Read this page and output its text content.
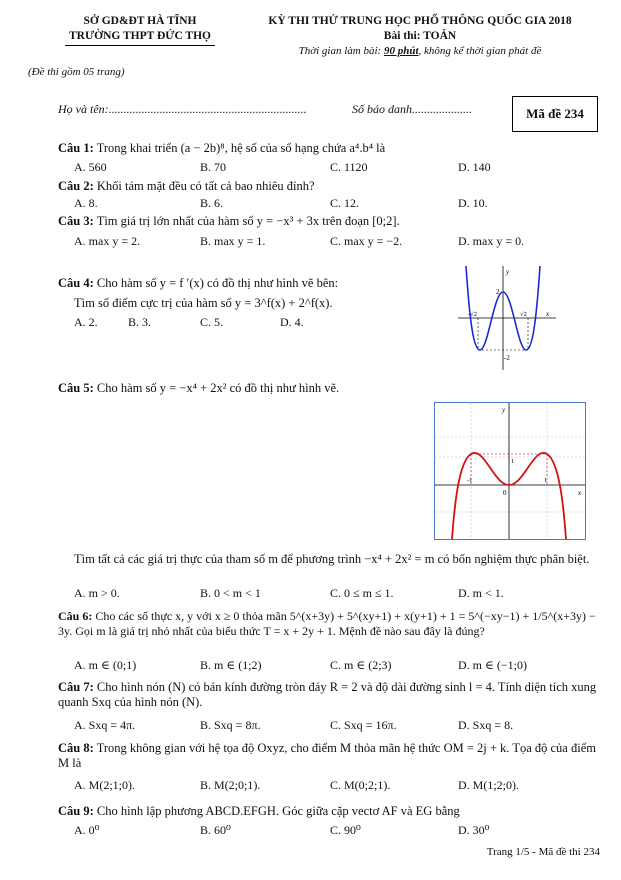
SỞ GD&ĐT HÀ TĨNH
TRƯỜNG THPT ĐỨC THỌ
KỲ THI THỬ TRUNG HỌC PHỔ THÔNG QUỐC GIA 2018
Bài thi: TOÁN
Thời gian làm bài: 90 phút, không kể thời gian phát đề
(Đề thi gồm 05 trang)
Họ và tên:..................................................................	Số báo danh....................	Mã đề 234
Câu 1: Trong khai triển (a − 2b)⁸, hệ số của số hạng chứa a⁴.b⁴ là
A. 560	B. 70	C. 1120	D. 140
Câu 2: Khối tám mặt đều có tất cả bao nhiêu đỉnh?
A. 8.	B. 6.	C. 12.	D. 10.
Câu 3: Tìm giá trị lớn nhất của hàm số y = −x³ + 3x trên đoạn [0;2].
A. max y = 2.	B. max y = 1.	C. max y = −2.	D. max y = 0.
Câu 4: Cho hàm số y = f ′(x) có đồ thị như hình vẽ bên:
Tìm số điểm cực trị của hàm số y = 3^f(x) + 2^f(x).
A. 2.	B. 3.	C. 5.	D. 4.
y
x
2
-2
-√2	√2
Câu 5: Cho hàm số y = −x⁴ + 2x² có đồ thị như hình vẽ.
y
x
1
-1
0
1
Tìm tất cả các giá trị thực của tham số m để phương trình −x⁴ + 2x² = m có bốn nghiệm thực phân biệt.
A. m > 0.	B. 0 < m < 1	C. 0 ≤ m ≤ 1.	D. m < 1.
Câu 6: Cho các số thực x, y với x ≥ 0 thỏa mãn 5^(x+3y) + 5^(xy+1) + x(y+1) + 1 = 5^(−xy−1) + 1/5^(x+3y) − 3y. Gọi m là giá trị nhỏ nhất của biểu thức T = x + 2y + 1. Mệnh đề nào sau đây là đúng?
A. m ∈ (0;1)	B. m ∈ (1;2)	C. m ∈ (2;3)	D. m ∈ (−1;0)
Câu 7: Cho hình nón (N) có bán kính đường tròn đáy R = 2 và độ dài đường sinh l = 4. Tính diện tích xung quanh Sxq của hình nón (N).
A. Sxq = 4π.	B. Sxq = 8π.	C. Sxq = 16π.	D. Sxq = 8.
Câu 8: Trong không gian với hệ tọa độ Oxyz, cho điểm M thỏa mãn hệ thức OM = 2j + k. Tọa độ của điểm M là
A. M(2;1;0).	B. M(2;0;1).	C. M(0;2;1).	D. M(1;2;0).
Câu 9: Cho hình lập phương ABCD.EFGH. Góc giữa cặp vectơ AF và EG bằng
A. 0⁰	B. 60⁰	C. 90⁰	D. 30⁰
Trang 1/5 - Mã đề thi 234
